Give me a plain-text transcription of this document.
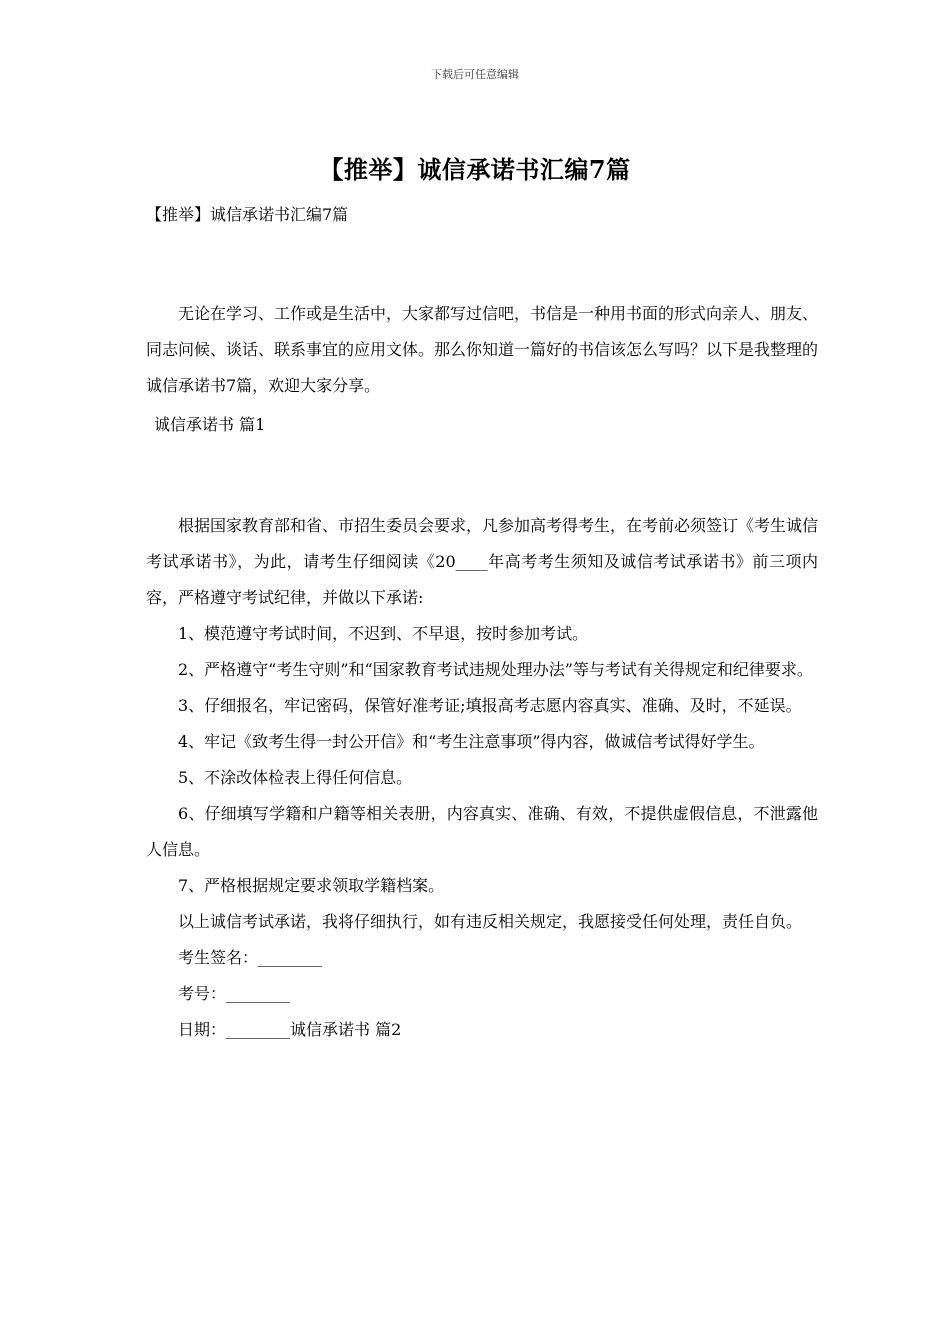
下载后可任意编辑
【推举】诚信承诺书汇编7篇
【推举】诚信承诺书汇编7篇

无论在学习、工作或是生活中，大家都写过信吧，书信是一种用书面的形式向亲人、朋友、同志问候、谈话、联系事宜的应用文体。那么你知道一篇好的书信该怎么写吗？以下是我整理的诚信承诺书7篇，欢迎大家分享。

诚信承诺书 篇1

根据国家教育部和省、市招生委员会要求，凡参加高考得考生，在考前必须签订《考生诚信考试承诺书》，为此，请考生仔细阅读《20____年高考考生须知及诚信考试承诺书》前三项内容，严格遵守考试纪律，并做以下承诺:

1、模范遵守考试时间，不迟到、不早退，按时参加考试。

2、严格遵守“考生守则”和“国家教育考试违规处理办法”等与考试有关得规定和纪律要求。

3、仔细报名，牢记密码，保管好准考证;填报高考志愿内容真实、准确、及时，不延误。

4、牢记《致考生得一封公开信》和“考生注意事项”得内容，做诚信考试得好学生。

5、不涂改体检表上得任何信息。

6、仔细填写学籍和户籍等相关表册，内容真实、准确、有效，不提供虚假信息，不泄露他人信息。

7、严格根据规定要求领取学籍档案。

以上诚信考试承诺，我将仔细执行，如有违反相关规定，我愿接受任何处理，责任自负。

考生签名：________

考号：________

日期：________诚信承诺书 篇2
